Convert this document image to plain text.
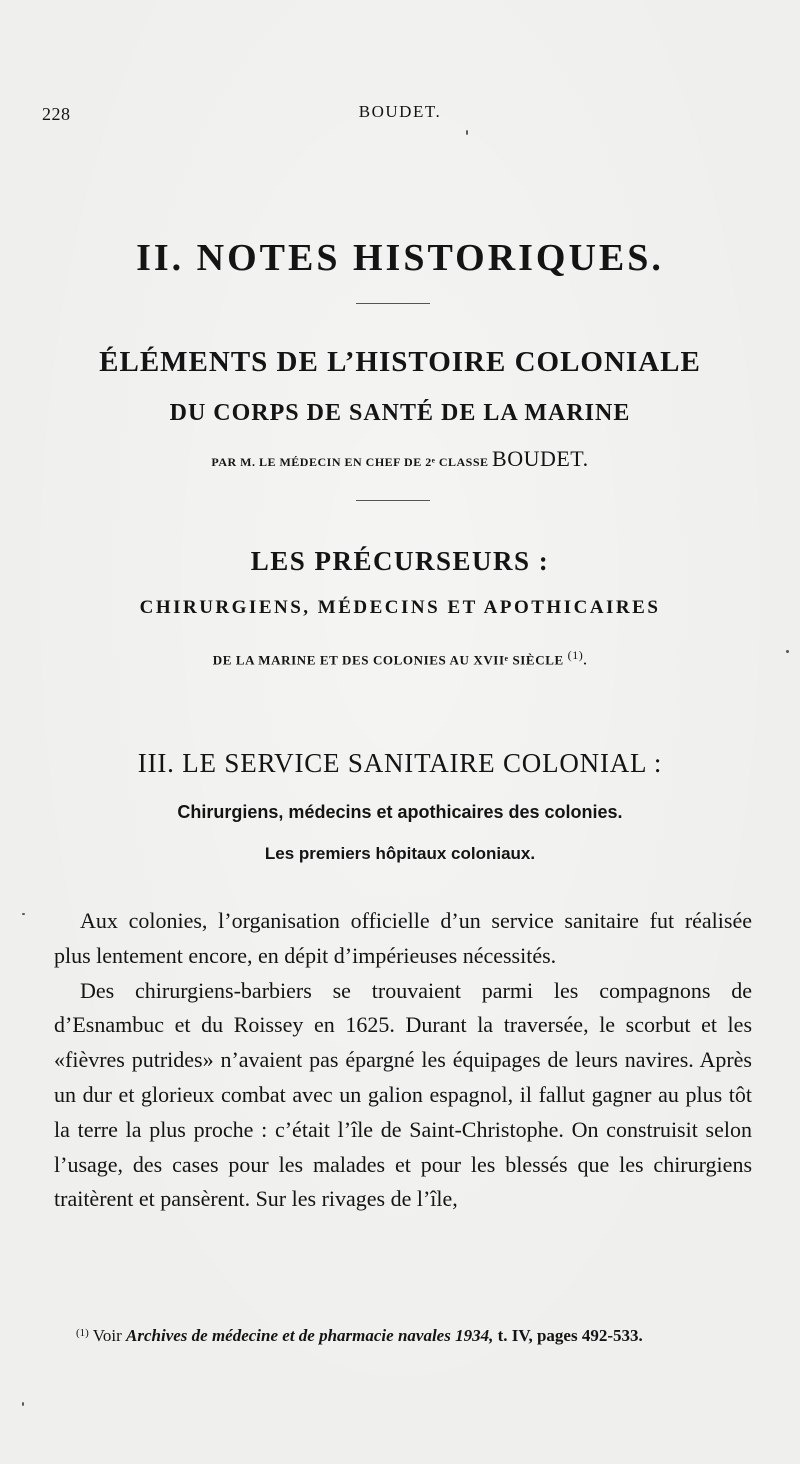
228	BOUDET.
II. NOTES HISTORIQUES.
ÉLÉMENTS DE L’HISTOIRE COLONIALE
DU CORPS DE SANTÉ DE LA MARINE
PAR M. LE MÉDECIN EN CHEF DE 2ᵉ CLASSE BOUDET.
LES PRÉCURSEURS :
CHIRURGIENS, MÉDECINS ET APOTHICAIRES
DE LA MARINE ET DES COLONIES AU XVIIᵉ SIÈCLE $^{(1)}$.
III. LE SERVICE SANITAIRE COLONIAL :
Chirurgiens, médecins et apothicaires des colonies.
Les premiers hôpitaux coloniaux.

Aux colonies, l’organisation officielle d’un service sanitaire fut réalisée plus lentement encore, en dépit d’impérieuses nécessités.

Des chirurgiens-barbiers se trouvaient parmi les compagnons de d’Esnambuc et du Roissey en 1625. Durant la traversée, le scorbut et les «fièvres putrides» n’avaient pas épargné les équipages de leurs navires. Après un dur et glorieux combat avec un galion espagnol, il fallut gagner au plus tôt la terre la plus proche : c’était l’île de Saint-Christophe. On construisit selon l’usage, des cases pour les malades et pour les blessés que les chirurgiens traitèrent et pansèrent. Sur les rivages de l’île,

$^{(1)}$ Voir Archives de médecine et de pharmacie navales 1934, t. IV, pages 492-533.
